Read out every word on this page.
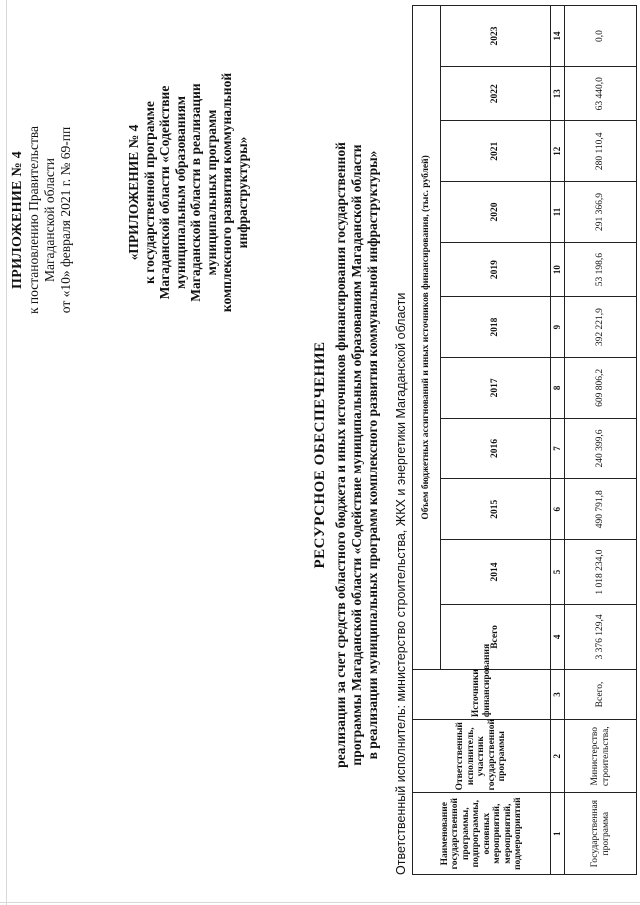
ПРИЛОЖЕНИЕ № 4 к постановлению Правительства Магаданской области от «10» февраля 2021 г. № 69-пп	«ПРИЛОЖЕНИЕ № 4 к государственной программе Магаданской области «Содействие муниципальным образованиям Магаданской области в реализации муниципальных программ комплексного развития коммунальной инфраструктуры»
РЕСУРСНОЕ ОБЕСПЕЧЕНИЕ реализации за счет средств областного бюджета и иных источников финансирования государственной программы Магаданской области «Содействие муниципальным образованиям Магаданской области в реализации муниципальных программ комплексного развития коммунальной инфраструктуры» Ответственный исполнитель: министерство строительства, ЖКХ и энергетики Магаданской области	Наименование государственной программы, подпрограммы, основных мероприятий, мероприятий, подмероприятий	Ответственный исполнитель, участник государственной программы	Источники финансирования	Объем бюджетных ассигнований и иных источников финансирования, (тыс. рублей)										
			Всего	2014	2015	2016	2017	2018	2019	2020	2021	2022	2023
1	2	3	4	5	6	7	8	9	10	11	12	13	14
Государственная программа	Министерство строительства,	Всего,	3 376 129,4	1 018 234,0	490 791,8	240 399,6	609 806,2	392 221,9	53 198,6	291 366,9	280 110,4	63 440,0	0,0
